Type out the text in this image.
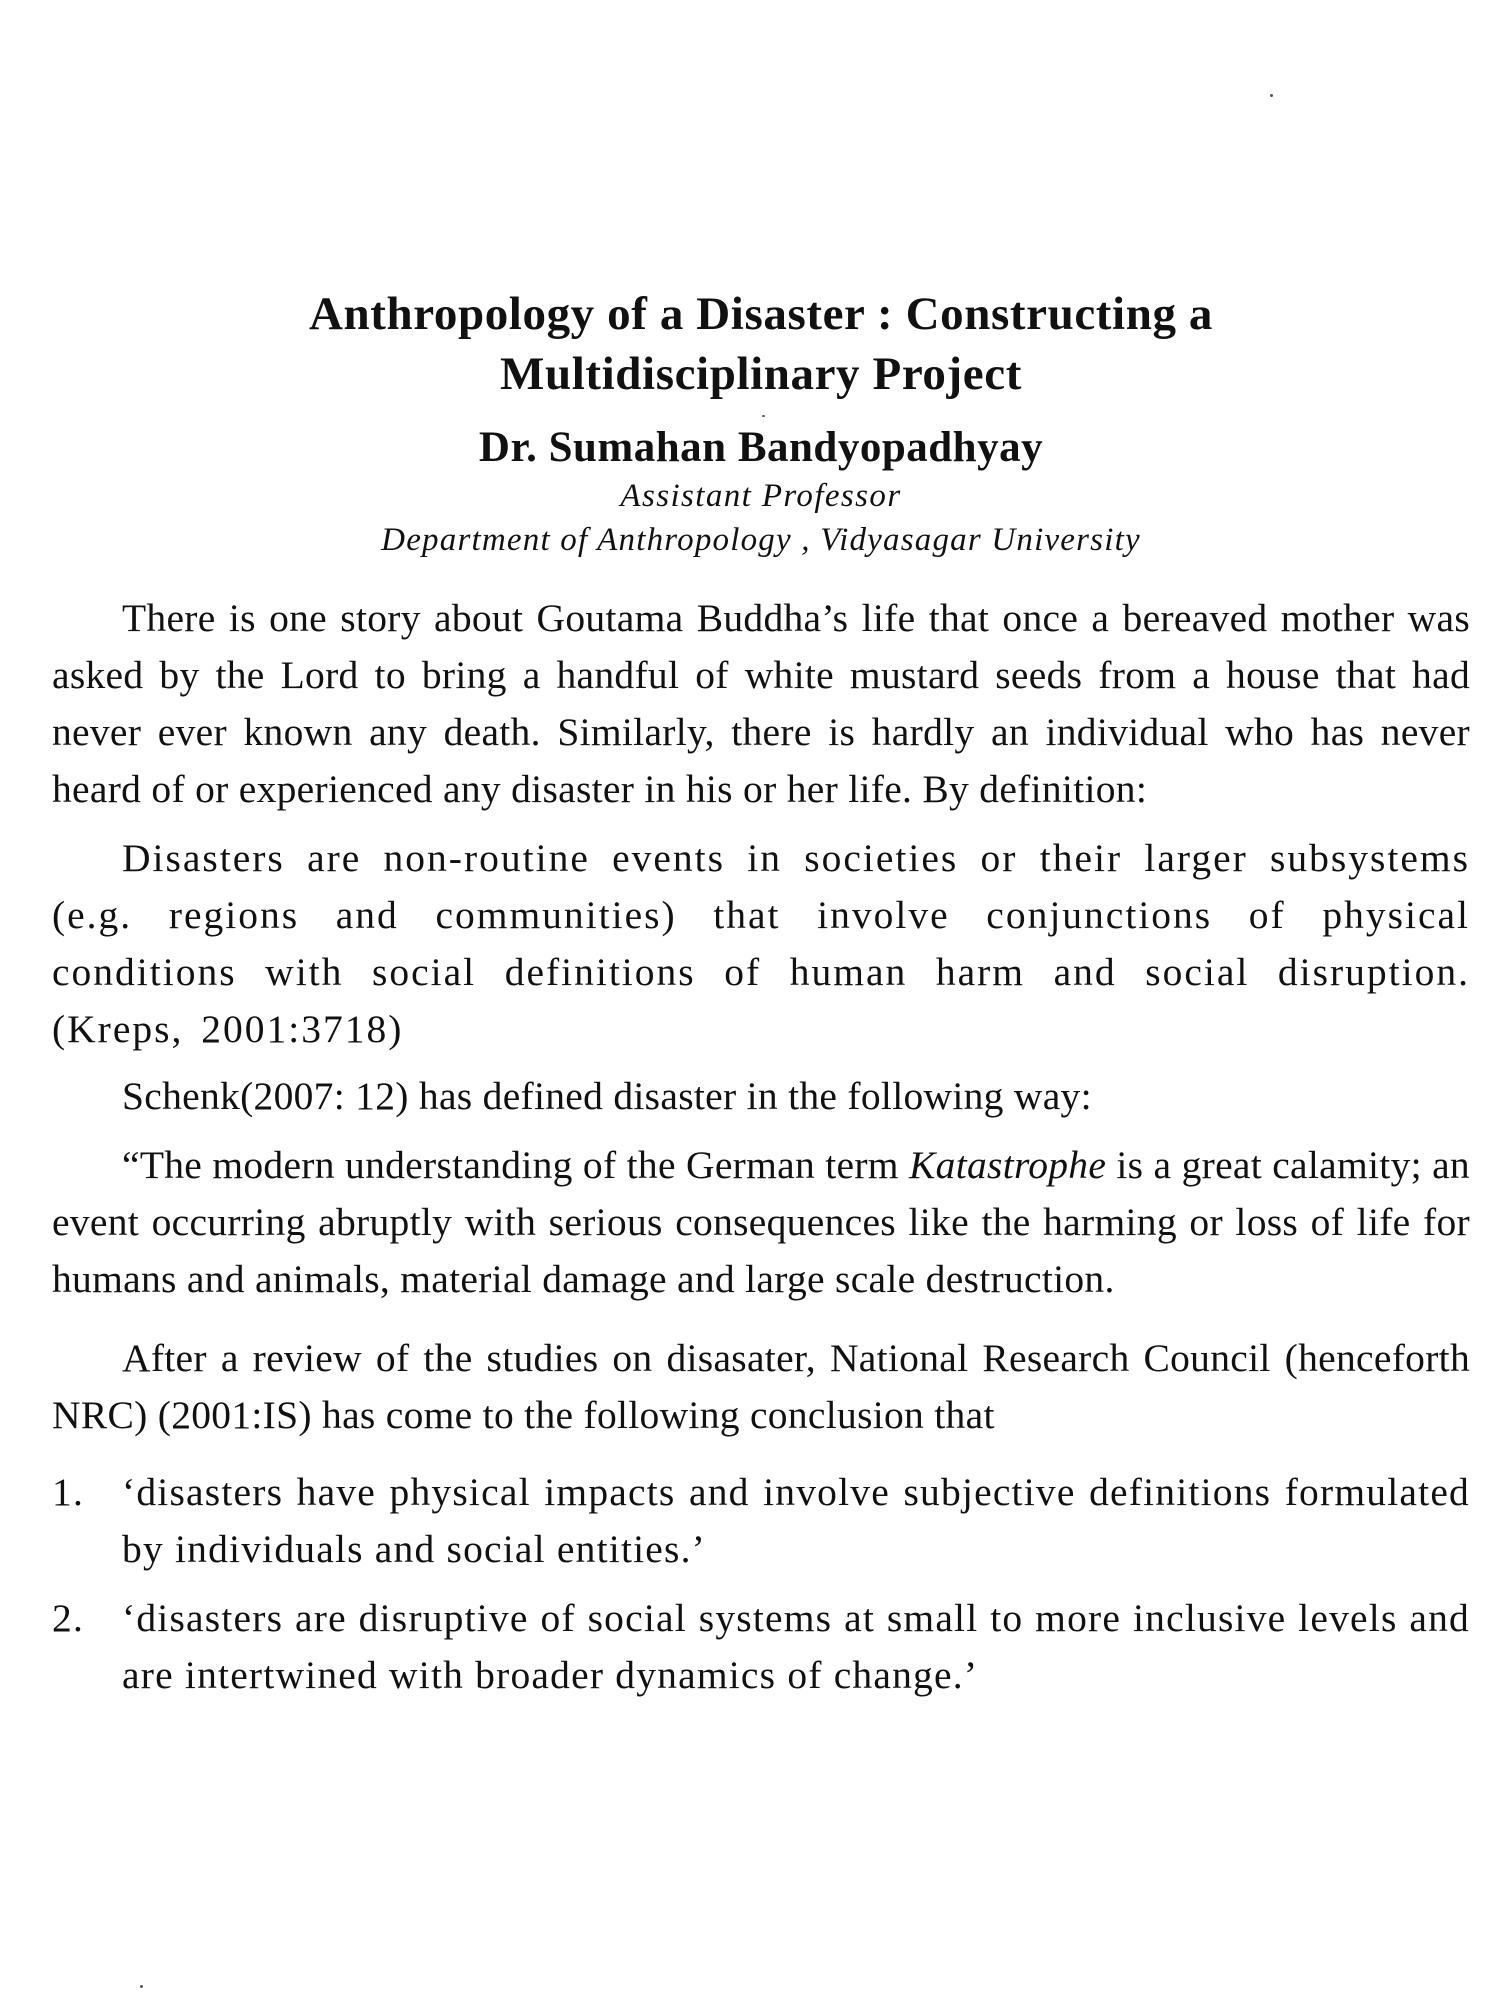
Anthropology of a Disaster : Constructing a
Multidisciplinary Project
Dr. Sumahan Bandyopadhyay
Assistant Professor
Department of Anthropology , Vidyasagar University

There is one story about Goutama Buddha’s life that once a bereaved mother was asked by the Lord to bring a handful of white mustard seeds from a house that had never ever known any death. Similarly, there is hardly an individual who has never heard of or experienced any disaster in his or her life. By definition:

Disasters are non-routine events in societies or their larger subsystems (e.g. regions and communities) that involve conjunctions of physical conditions with social definitions of human harm and social disruption. (Kreps, 2001:3718)

Schenk(2007: 12) has defined disaster in the following way:

“The modern understanding of the German term Katastrophe is a great calamity; an event occurring abruptly with serious consequences like the harming or loss of life for humans and animals, material damage and large scale destruction.

After a review of the studies on disasater, National Research Council (henceforth NRC) (2001:IS) has come to the following conclusion that

1. ‘disasters have physical impacts and involve subjective definitions formulated by individuals and social entities.’
2. ‘disasters are disruptive of social systems at small to more inclusive levels and are intertwined with broader dynamics of change.’
